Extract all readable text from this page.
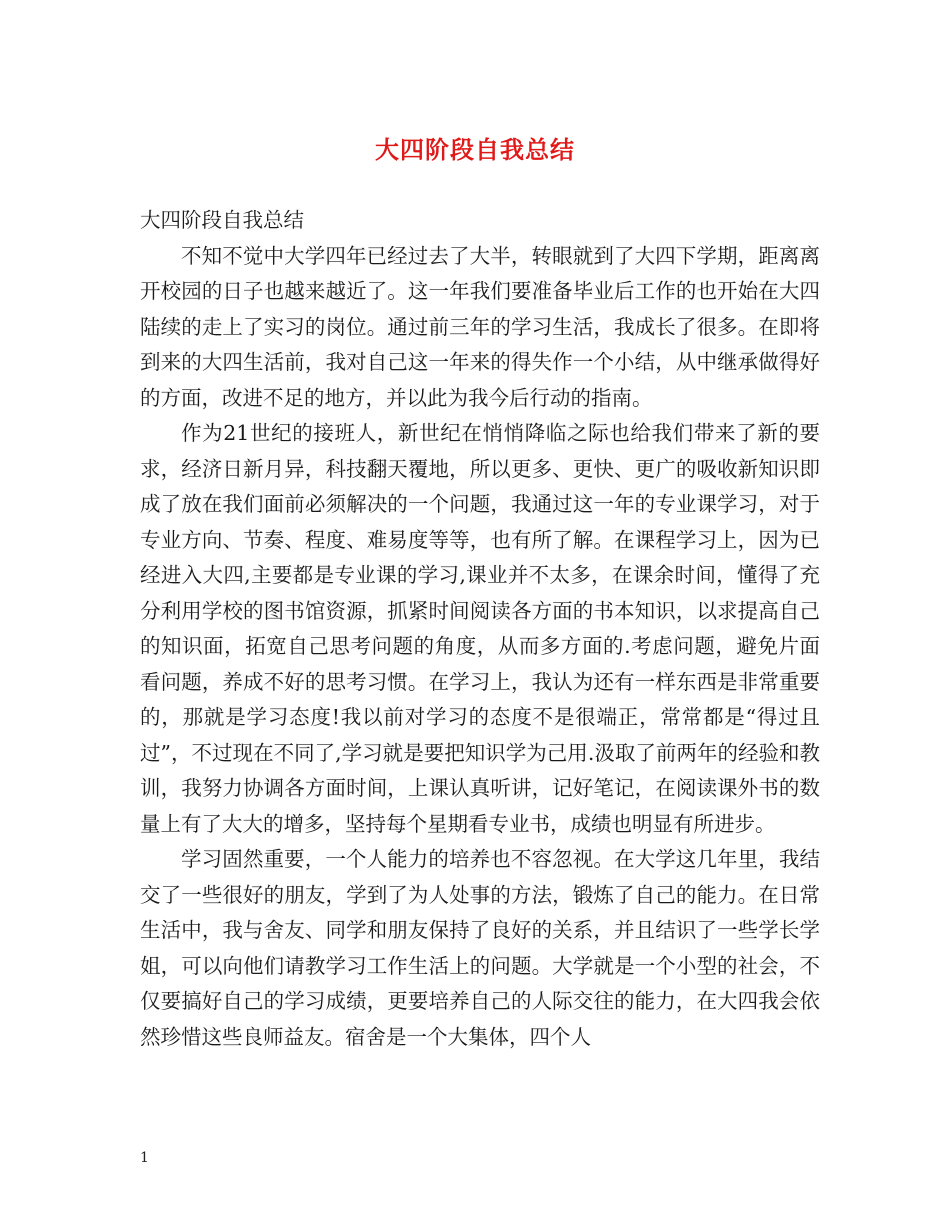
大四阶段自我总结

大四阶段自我总结

不知不觉中大学四年已经过去了大半，转眼就到了大四下学期，距离离开校园的日子也越来越近了。这一年我们要准备毕业后工作的也开始在大四陆续的走上了实习的岗位。通过前三年的学习生活，我成长了很多。在即将到来的大四生活前，我对自己这一年来的得失作一个小结，从中继承做得好的方面，改进不足的地方，并以此为我今后行动的指南。

作为21世纪的接班人，新世纪在悄悄降临之际也给我们带来了新的要求，经济日新月异，科技翻天覆地，所以更多、更快、更广的吸收新知识即成了放在我们面前必须解决的一个问题，我通过这一年的专业课学习，对于专业方向、节奏、程度、难易度等等，也有所了解。在课程学习上，因为已经进入大四,主要都是专业课的学习,课业并不太多，在课余时间，懂得了充分利用学校的图书馆资源，抓紧时间阅读各方面的书本知识，以求提高自己的知识面，拓宽自己思考问题的角度，从而多方面的.考虑问题，避免片面看问题，养成不好的思考习惯。在学习上，我认为还有一样东西是非常重要的，那就是学习态度!我以前对学习的态度不是很端正，常常都是“得过且过”，不过现在不同了,学习就是要把知识学为己用.汲取了前两年的经验和教训，我努力协调各方面时间，上课认真听讲，记好笔记，在阅读课外书的数量上有了大大的增多，坚持每个星期看专业书，成绩也明显有所进步。

学习固然重要，一个人能力的培养也不容忽视。在大学这几年里，我结交了一些很好的朋友，学到了为人处事的方法，锻炼了自己的能力。在日常生活中，我与舍友、同学和朋友保持了良好的关系，并且结识了一些学长学姐，可以向他们请教学习工作生活上的问题。大学就是一个小型的社会，不仅要搞好自己的学习成绩，更要培养自己的人际交往的能力，在大四我会依然珍惜这些良师益友。宿舍是一个大集体，四个人

1
